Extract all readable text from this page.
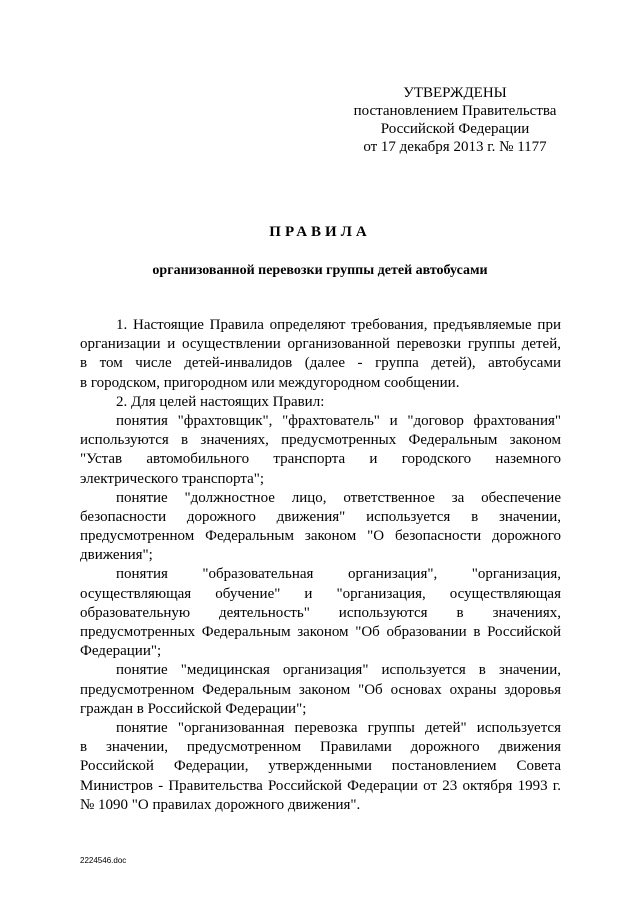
УТВЕРЖДЕНЫ
постановлением Правительства
Российской Федерации
от 17 декабря 2013 г. № 1177
ПРАВИЛА
организованной перевозки группы детей автобусами
1. Настоящие Правила определяют требования, предъявляемые при
организации и осуществлении организованной перевозки группы детей,
в том числе детей-инвалидов (далее - группа детей), автобусами
в городском, пригородном или междугородном сообщении.
2. Для целей настоящих Правил:
понятия "фрахтовщик", "фрахтователь" и "договор фрахтования"
используются в значениях, предусмотренных Федеральным законом
"Устав автомобильного транспорта и городского наземного
электрического транспорта";
понятие "должностное лицо, ответственное за обеспечение
безопасности дорожного движения" используется в значении,
предусмотренном Федеральным законом "О безопасности дорожного
движения";
понятия "образовательная организация", "организация,
осуществляющая обучение" и "организация, осуществляющая
образовательную деятельность" используются в значениях,
предусмотренных Федеральным законом "Об образовании в Российской
Федерации";
понятие "медицинская организация" используется в значении,
предусмотренном Федеральным законом "Об основах охраны здоровья
граждан в Российской Федерации";
понятие "организованная перевозка группы детей" используется
в значении, предусмотренном Правилами дорожного движения
Российской Федерации, утвержденными постановлением Совета
Министров - Правительства Российской Федерации от 23 октября 1993 г.
№ 1090 "О правилах дорожного движения".
2224546.doc
